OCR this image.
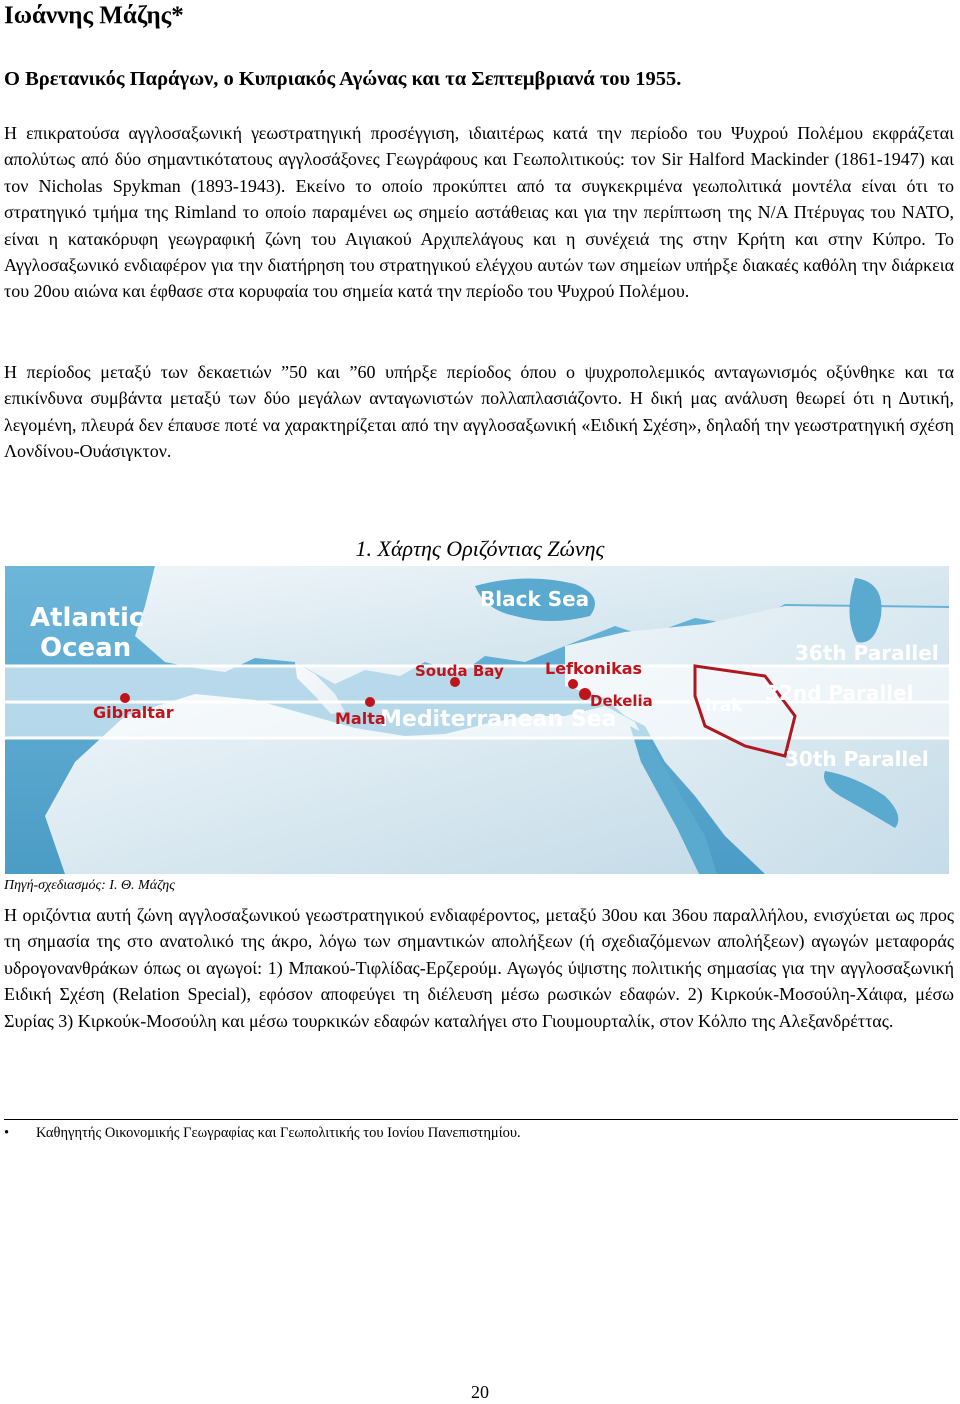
Ιωάννης Μάζης*
Ο Βρετανικός Παράγων, ο Κυπριακός Αγώνας και τα Σεπτεμβριανά του 1955.

Η επικρατούσα αγγλοσαξωνική γεωστρατηγική προσέγγιση, ιδιαιτέρως κατά την περίοδο του Ψυχρού Πολέμου εκφράζεται απολύτως από δύο σημαντικότατους αγγλοσάξονες Γεωγράφους και Γεωπολιτικούς: τον Sir Halford Mackinder (1861-1947) και τον Nicholas Spykman (1893-1943). Εκείνο το οποίο προκύπτει από τα συγκεκριμένα γεωπολιτικά μοντέλα είναι ότι το στρατηγικό τμήμα της Rimland το οποίο παραμένει ως σημείο αστάθειας και για την περίπτωση της Ν/Α Πτέρυγας του ΝΑΤΟ, είναι η κατακόρυφη γεωγραφική ζώνη του Αιγιακού Αρχιπελάγους και η συνέχειά της στην Κρήτη και στην Κύπρο. Το Αγγλοσαξωνικό ενδιαφέρον για την διατήρηση του στρατηγικού ελέγχου αυτών των σημείων υπήρξε διακαές καθόλη την διάρκεια του 20ου αιώνα και έφθασε στα κορυφαία του σημεία κατά την περίοδο του Ψυχρού Πολέμου.

Η περίοδος μεταξύ των δεκαετιών ”50 και ”60 υπήρξε περίοδος όπου ο ψυχροπολεμικός ανταγωνισμός οξύνθηκε και τα επικίνδυνα συμβάντα μεταξύ των δύο μεγάλων ανταγωνιστών πολλαπλασιάζοντο. Η δική μας ανάλυση θεωρεί ότι η Δυτική, λεγομένη, πλευρά δεν έπαυσε ποτέ να χαρακτηρίζεται από την αγγλοσαξωνική «Ειδική Σχέση», δηλαδή την γεωστρατηγική σχέση Λονδίνου-Ουάσιγκτον.

1. Χάρτης Οριζόντιας Ζώνης

Atlantic
Ocean
Black Sea
Mediterranean Sea
Gibraltar	Malta
Souda Bay	Lefkonikas
Dekelia	Irak
36th Parallel
32nd Parallel
30th Parallel

Πηγή-σχεδιασμός: Ι. Θ. Μάζης

Η οριζόντια αυτή ζώνη αγγλοσαξωνικού γεωστρατηγικού ενδιαφέροντος, μεταξύ 30ου και 36ου παραλλήλου, ενισχύεται ως προς τη σημασία της στο ανατολικό της άκρο, λόγω των σημαντικών απολήξεων (ή σχεδιαζόμενων απολήξεων) αγωγών μεταφοράς υδρογονανθράκων όπως οι αγωγοί: 1) Μπακού-Τιφλίδας-Ερζερούμ. Αγωγός ύψιστης πολιτικής σημασίας για την αγγλοσαξωνική Ειδική Σχέση (Relation Special), εφόσον αποφεύγει τη διέλευση μέσω ρωσικών εδαφών. 2) Κιρκούκ-Μοσούλη-Χάιφα, μέσω Συρίας 3) Κιρκούκ-Μοσούλη και μέσω τουρκικών εδαφών καταλήγει στο Γιουμουρταλίκ, στον Κόλπο της Αλεξανδρέττας.

• Καθηγητής Οικονομικής Γεωγραφίας και Γεωπολιτικής του Ιονίου Πανεπιστημίου.

20
